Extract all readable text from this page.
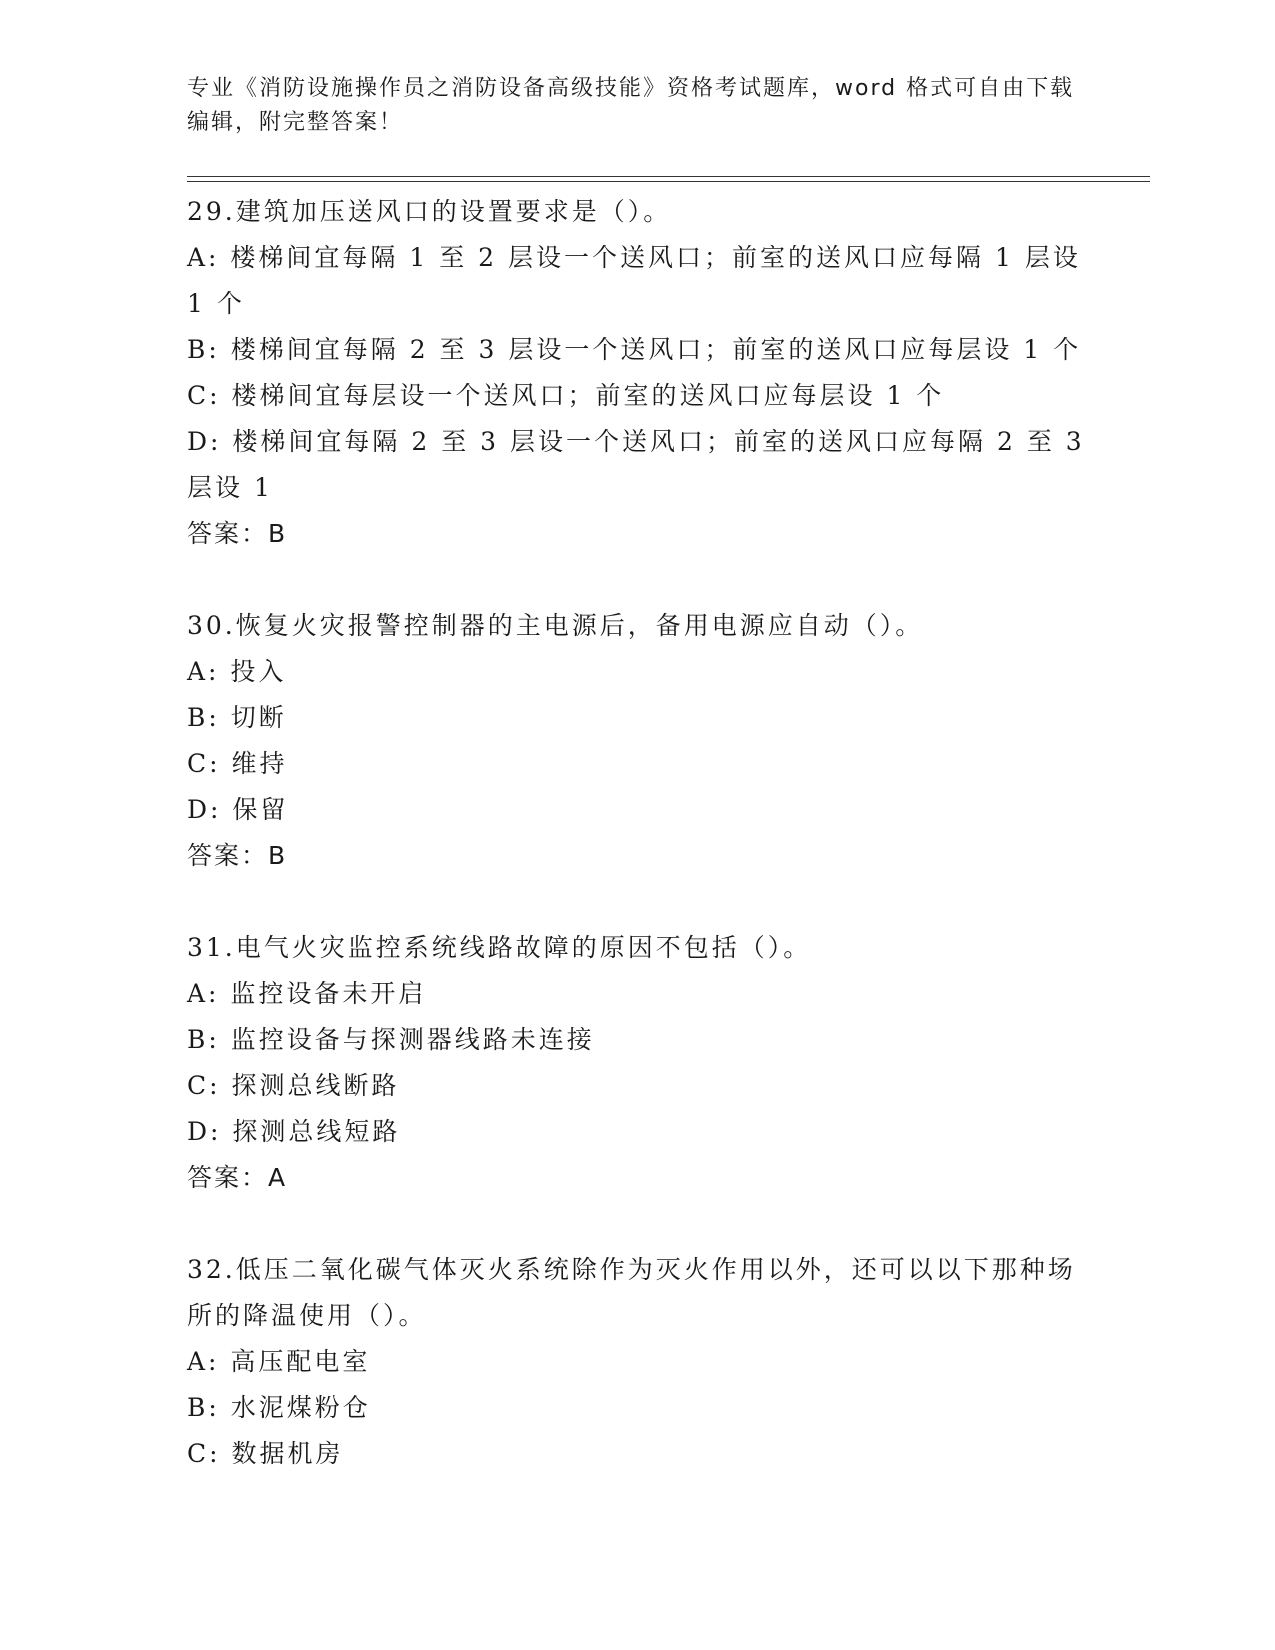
专业《消防设施操作员之消防设备高级技能》资格考试题库，word 格式可自由下载编辑，附完整答案！
29.建筑加压送风口的设置要求是（）。
A: 楼梯间宜每隔 1 至 2 层设一个送风口；前室的送风口应每隔 1 层设 1 个
B: 楼梯间宜每隔 2 至 3 层设一个送风口；前室的送风口应每层设 1 个
C: 楼梯间宜每层设一个送风口；前室的送风口应每层设 1 个
D: 楼梯间宜每隔 2 至 3 层设一个送风口；前室的送风口应每隔 2 至 3 层设 1
答案：B
30.恢复火灾报警控制器的主电源后，备用电源应自动（）。
A: 投入
B: 切断
C: 维持
D: 保留
答案：B
31.电气火灾监控系统线路故障的原因不包括（）。
A: 监控设备未开启
B: 监控设备与探测器线路未连接
C: 探测总线断路
D: 探测总线短路
答案：A
32.低压二氧化碳气体灭火系统除作为灭火作用以外，还可以以下那种场所的降温使用（）。
A: 高压配电室
B: 水泥煤粉仓
C: 数据机房
